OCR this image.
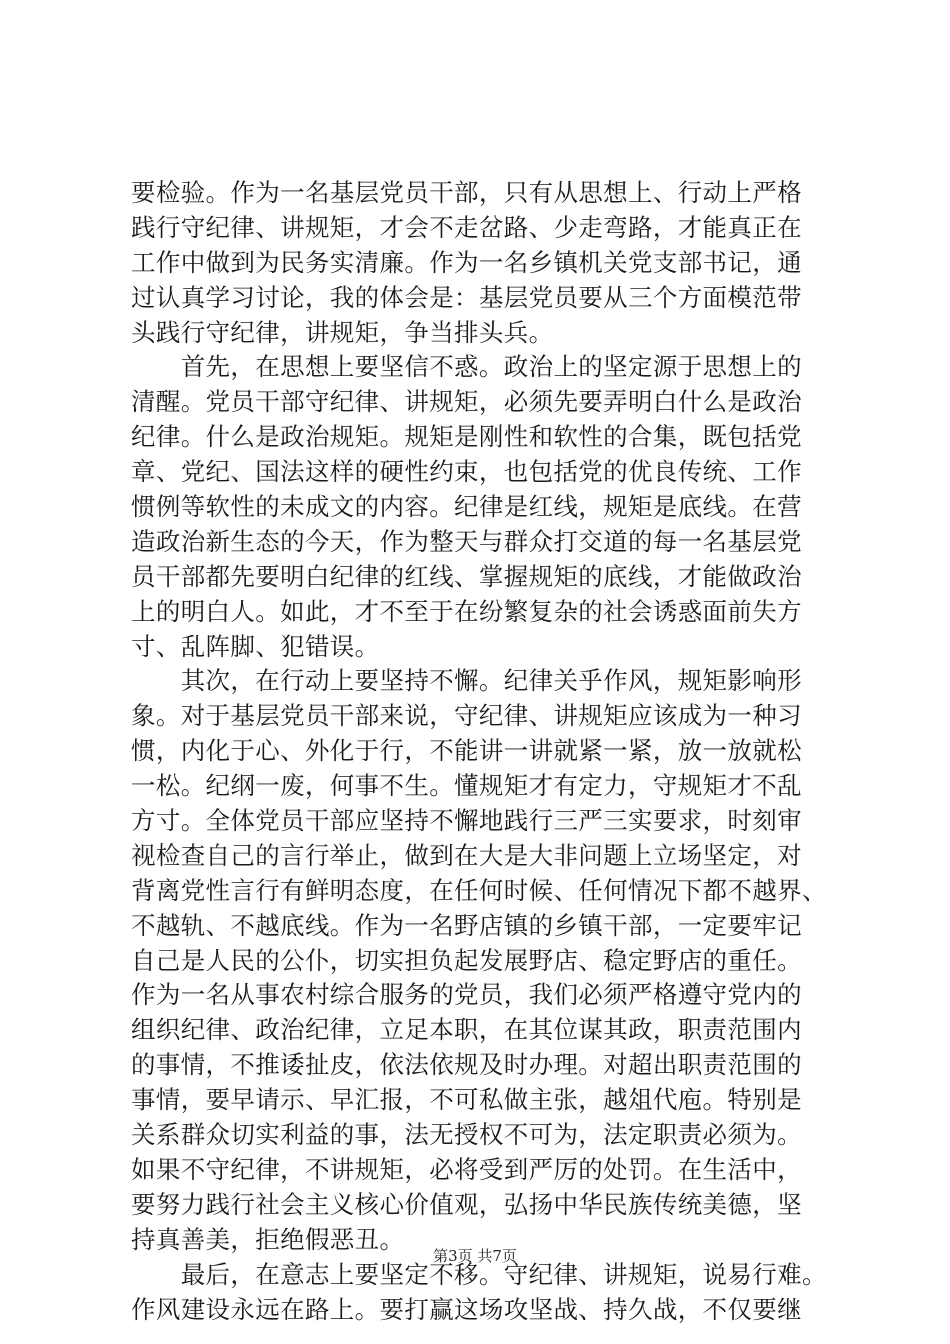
要检验。作为一名基层党员干部，只有从思想上、行动上严格
践行守纪律、讲规矩，才会不走岔路、少走弯路，才能真正在
工作中做到为民务实清廉。作为一名乡镇机关党支部书记，通
过认真学习讨论，我的体会是：基层党员要从三个方面模范带
头践行守纪律，讲规矩，争当排头兵。
　　首先，在思想上要坚信不惑。政治上的坚定源于思想上的
清醒。党员干部守纪律、讲规矩，必须先要弄明白什么是政治
纪律。什么是政治规矩。规矩是刚性和软性的合集，既包括党
章、党纪、国法这样的硬性约束，也包括党的优良传统、工作
惯例等软性的未成文的内容。纪律是红线，规矩是底线。在营
造政治新生态的今天，作为整天与群众打交道的每一名基层党
员干部都先要明白纪律的红线、掌握规矩的底线，才能做政治
上的明白人。如此，才不至于在纷繁复杂的社会诱惑面前失方
寸、乱阵脚、犯错误。
　　其次，在行动上要坚持不懈。纪律关乎作风，规矩影响形
象。对于基层党员干部来说，守纪律、讲规矩应该成为一种习
惯，内化于心、外化于行，不能讲一讲就紧一紧，放一放就松
一松。纪纲一废，何事不生。懂规矩才有定力，守规矩才不乱
方寸。全体党员干部应坚持不懈地践行三严三实要求，时刻审
视检查自己的言行举止，做到在大是大非问题上立场坚定，对
背离党性言行有鲜明态度，在任何时候、任何情况下都不越界、
不越轨、不越底线。作为一名野店镇的乡镇干部，一定要牢记
自己是人民的公仆，切实担负起发展野店、稳定野店的重任。
作为一名从事农村综合服务的党员，我们必须严格遵守党内的
组织纪律、政治纪律，立足本职，在其位谋其政，职责范围内
的事情，不推诿扯皮，依法依规及时办理。对超出职责范围的
事情，要早请示、早汇报，不可私做主张，越俎代庖。特别是
关系群众切实利益的事，法无授权不可为，法定职责必须为。
如果不守纪律，不讲规矩，必将受到严厉的处罚。在生活中，
要努力践行社会主义核心价值观，弘扬中华民族传统美德，坚
持真善美，拒绝假恶丑。
　　最后，在意志上要坚定不移。守纪律、讲规矩，说易行难。
作风建设永远在路上。要打赢这场攻坚战、持久战，不仅要继
第3页 共7页
